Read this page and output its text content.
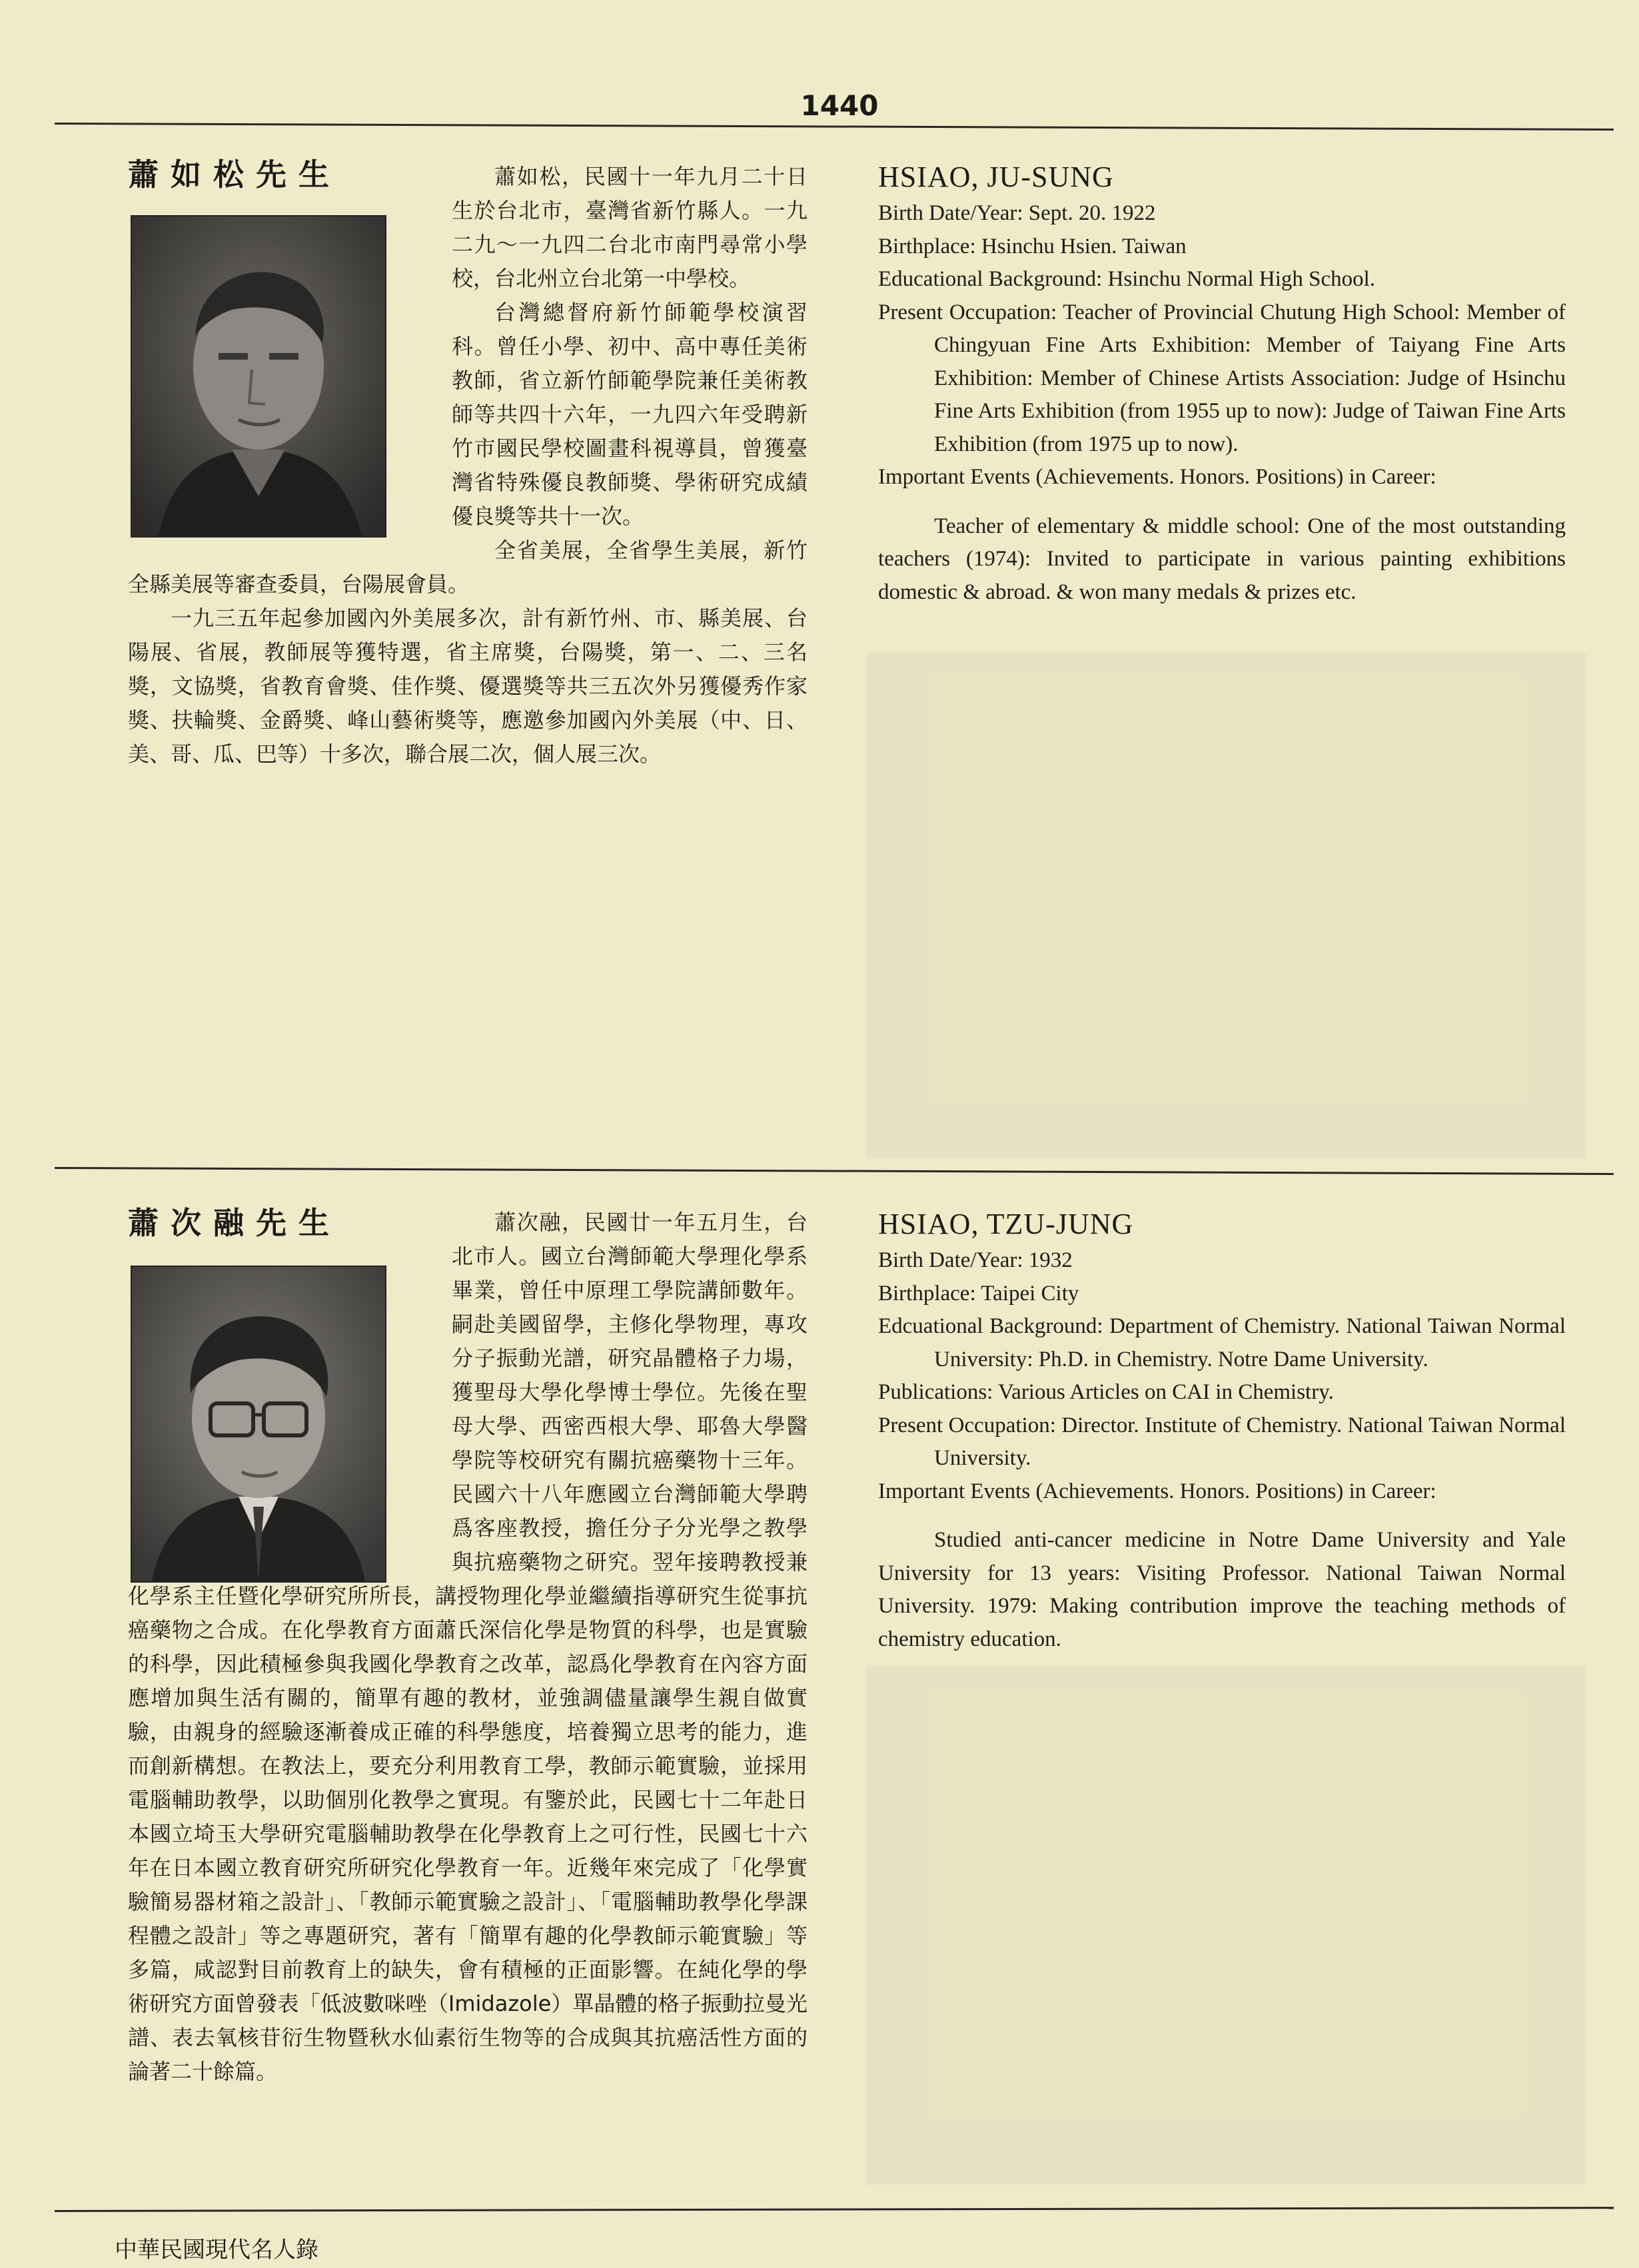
1440
蕭如松先生	蕭如松，民國十一年九月二十日生於台北市，臺灣省新竹縣人。一九二九～一九四二台北市南門尋常小學校，台北州立台北第一中學校。

台灣總督府新竹師範學校演習科。曾任小學、初中、高中專任美術教師，省立新竹師範學院兼任美術教師等共四十六年，一九四六年受聘新竹市國民學校圖畫科視導員，曾獲臺灣省特殊優良教師獎、學術研究成績優良獎等共十一次。

全省美展，全省學生美展，新竹全縣美展等審查委員，台陽展會員。

一九三五年起參加國內外美展多次，計有新竹州、市、縣美展、台陽展、省展，教師展等獲特選，省主席獎，台陽獎，第一、二、三名獎，文協獎，省教育會獎、佳作獎、優選獎等共三五次外另獲優秀作家獎、扶輪獎、金爵獎、峰山藝術獎等，應邀參加國內外美展（中、日、美、哥、瓜、巴等）十多次，聯合展二次，個人展三次。

HSIAO, JU-SUNG

Birth Date/Year: Sept. 20. 1922

Birthplace: Hsinchu Hsien. Taiwan

Educational Background: Hsinchu Normal High School.

Present Occupation: Teacher of Provincial Chutung High School: Member of Chingyuan Fine Arts Exhibition: Member of Taiyang Fine Arts Exhibition: Member of Chinese Artists Association: Judge of Hsinchu Fine Arts Exhibition (from 1955 up to now): Judge of Taiwan Fine Arts Exhibition (from 1975 up to now).

Important Events (Achievements. Honors. Positions) in Career:

Teacher of elementary & middle school: One of the most outstanding teachers (1974): Invited to participate in various painting exhibitions domestic & abroad. & won many medals & prizes etc.

蕭次融先生	蕭次融，民國廿一年五月生，台北市人。國立台灣師範大學理化學系畢業，曾任中原理工學院講師數年。嗣赴美國留學，主修化學物理，專攻分子振動光譜，研究晶體格子力場，獲聖母大學化學博士學位。先後在聖母大學、西密西根大學、耶魯大學醫學院等校研究有關抗癌藥物十三年。民國六十八年應國立台灣師範大學聘爲客座教授，擔任分子分光學之教學與抗癌藥物之研究。翌年接聘教授兼化學系主任暨化學研究所所長，講授物理化學並繼續指導研究生從事抗癌藥物之合成。在化學教育方面蕭氏深信化學是物質的科學，也是實驗的科學，因此積極參與我國化學教育之改革，認爲化學教育在內容方面應增加與生活有關的，簡單有趣的教材，並強調儘量讓學生親自做實驗，由親身的經驗逐漸養成正確的科學態度，培養獨立思考的能力，進而創新構想。在教法上，要充分利用教育工學，教師示範實驗，並採用電腦輔助教學，以助個別化教學之實現。有鑒於此，民國七十二年赴日本國立埼玉大學研究電腦輔助教學在化學教育上之可行性，民國七十六年在日本國立教育研究所研究化學教育一年。近幾年來完成了「化學實驗簡易器材箱之設計」、「教師示範實驗之設計」、「電腦輔助教學化學課程體之設計」等之專題研究，著有「簡單有趣的化學教師示範實驗」等多篇，咸認對目前教育上的缺失，會有積極的正面影響。在純化學的學術研究方面曾發表「低波數咪唑（Imidazole）單晶體的格子振動拉曼光譜、表去氧核苷衍生物暨秋水仙素衍生物等的合成與其抗癌活性方面的論著二十餘篇。

HSIAO, TZU-JUNG

Birth Date/Year: 1932

Birthplace: Taipei City

Edcuational Background: Department of Chemistry. National Taiwan Normal University: Ph.D. in Chemistry. Notre Dame University.

Publications: Various Articles on CAI in Chemistry.

Present Occupation: Director. Institute of Chemistry. National Taiwan Normal University.

Important Events (Achievements. Honors. Positions) in Career:

Studied anti-cancer medicine in Notre Dame University and Yale University for 13 years: Visiting Professor. National Taiwan Normal University. 1979: Making contribution improve the teaching methods of chemistry education.

中華民國現代名人錄
